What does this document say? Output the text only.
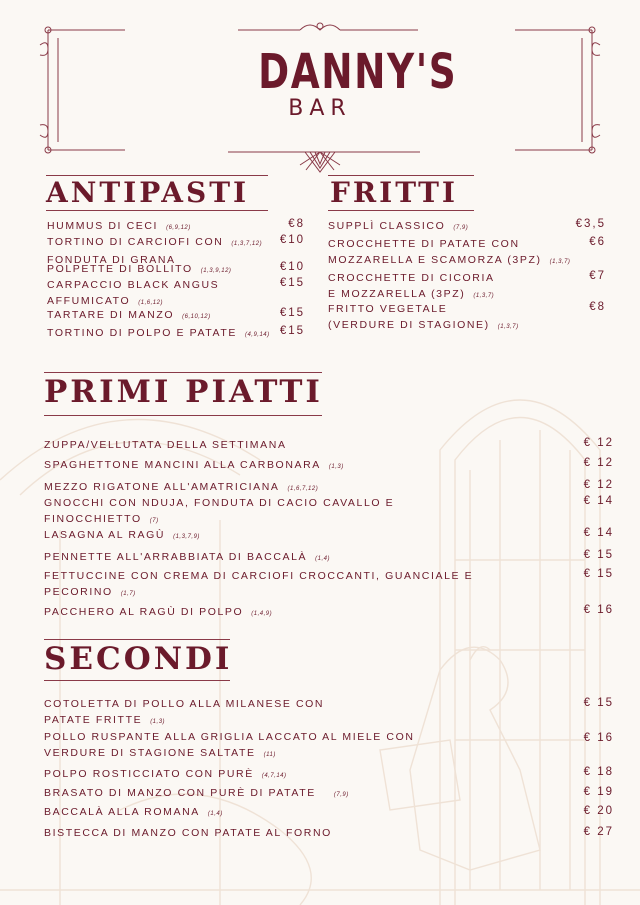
DANNY'S
BAR
ANTIPASTI
HUMMUS DI CECI (6,9,12)	€8
TORTINO DI CARCIOFI CON (1,3,7,12)
FONDUTA DI GRANA
€10
POLPETTE DI BOLLITO (1,3,9,12)	€10
CARPACCIO BLACK ANGUS
AFFUMICATO (1,6,12)
€15
TARTARE DI MANZO (6,10,12)	€15
TORTINO DI POLPO E PATATE (4,9,14) €15
FRITTI
SUPPLÌ CLASSICO (7,9)	€3,5
CROCCHETTE DI PATATE CON
MOZZARELLA E SCAMORZA (3PZ) (1,3,7)
€6
CROCCHETTE DI CICORIA
E MOZZARELLA (3PZ) (1,3,7)
€7
FRITTO VEGETALE
(VERDURE DI STAGIONE) (1,3,7)
€8
PRIMI PIATTI
ZUPPA/VELLUTATA DELLA SETTIMANA	€ 12
SPAGHETTONE MANCINI ALLA CARBONARA (1,3)	€ 12
MEZZO RIGATONE ALL'AMATRICIANA (1,6,7,12)	€ 12
GNOCCHI CON NDUJA, FONDUTA DI CACIO CAVALLO E
FINOCCHIETTO (7)
€ 14
LASAGNA AL RAGÙ (1,3,7,9)	€ 14
PENNETTE ALL'ARRABBIATA DI BACCALÀ (1,4)	€ 15
FETTUCCINE CON CREMA DI CARCIOFI CROCCANTI, GUANCIALE E
PECORINO (1,7)
€ 15
PACCHERO AL RAGÙ DI POLPO (1,4,9)	€ 16
SECONDI
COTOLETTA DI POLLO ALLA MILANESE CON
PATATE FRITTE (1,3)
€ 15
POLLO RUSPANTE ALLA GRIGLIA LACCATO AL MIELE CON
VERDURE DI STAGIONE SALTATE (11)
€ 16
POLPO ROSTICCIATO CON PURÈ (4,7,14)	€ 18
BRASATO DI MANZO CON PURÈ DI PATATE	(7,9)	€ 19
BACCALÀ ALLA ROMANA (1,4)	€ 20
BISTECCA DI MANZO CON PATATE AL FORNO	€ 27
